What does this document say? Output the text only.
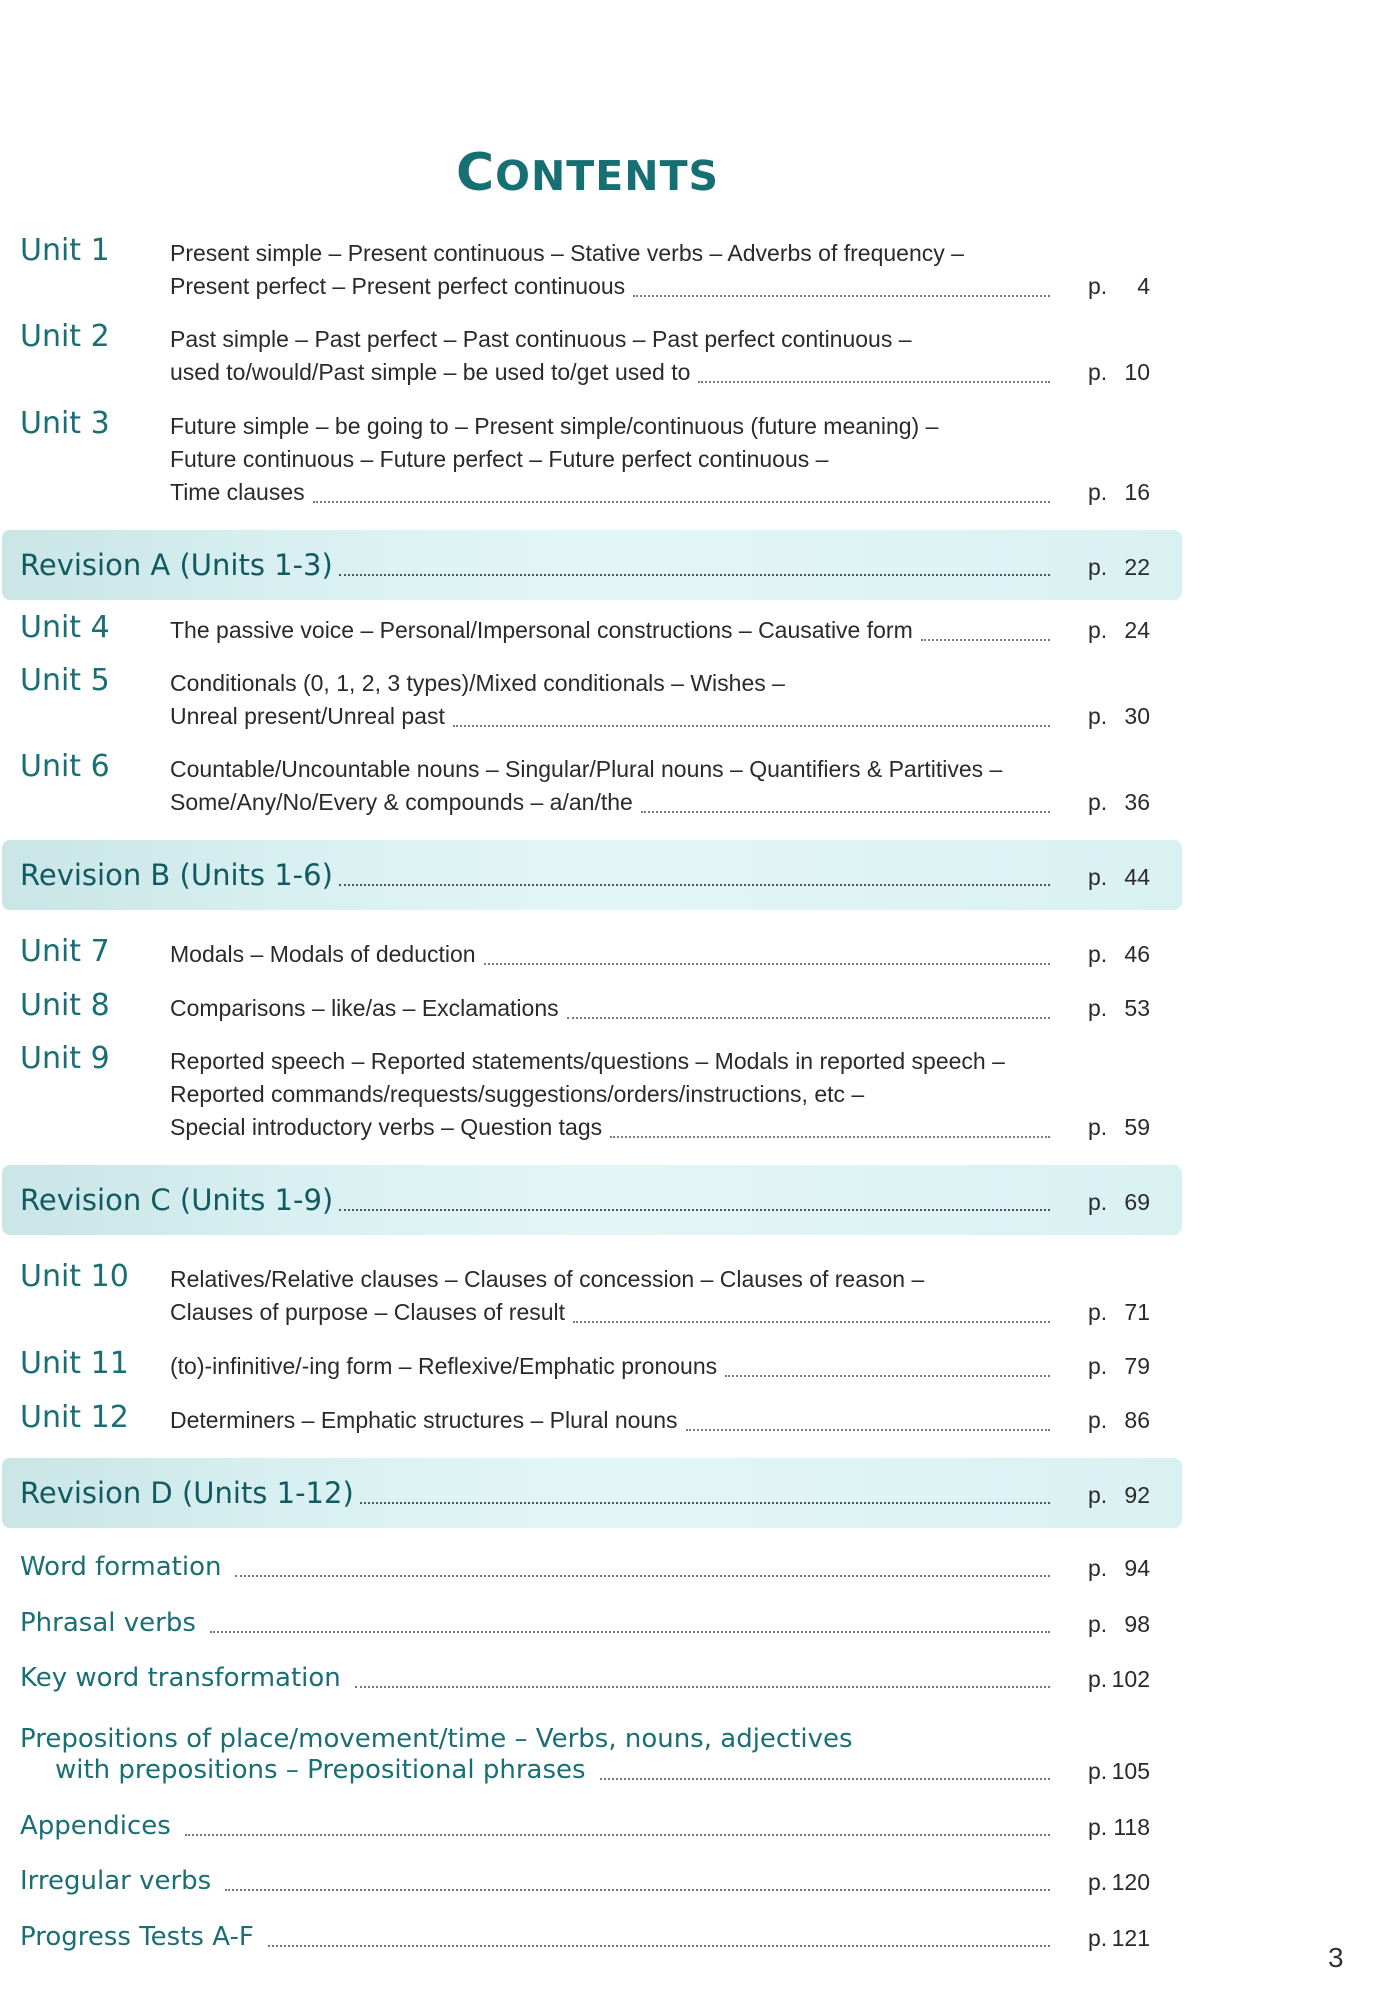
CONTENTS
Unit 1	Present simple – Present continuous – Stative verbs – Adverbs of frequency –
Present perfect – Present perfect continuous	p. 4
Unit 2	Past simple – Past perfect – Past continuous – Past perfect continuous –
used to/would/Past simple – be used to/get used to	p. 10
Unit 3	Future simple – be going to – Present simple/continuous (future meaning) –
Future continuous – Future perfect – Future perfect continuous –
Time clauses	p. 16
Revision A (Units 1-3)	p. 22
Unit 4	The passive voice – Personal/Impersonal constructions – Causative form	p. 24
Unit 5	Conditionals (0, 1, 2, 3 types)/Mixed conditionals – Wishes –
Unreal present/Unreal past	p. 30
Unit 6	Countable/Uncountable nouns – Singular/Plural nouns – Quantifiers & Partitives –
Some/Any/No/Every & compounds – a/an/the	p. 36
Revision B (Units 1-6)	p. 44
Unit 7	Modals – Modals of deduction	p. 46
Unit 8	Comparisons – like/as – Exclamations	p. 53
Unit 9	Reported speech – Reported statements/questions – Modals in reported speech –
Reported commands/requests/suggestions/orders/instructions, etc –
Special introductory verbs – Question tags	p. 59
Revision C (Units 1-9)	p. 69
Unit 10 Relatives/Relative clauses – Clauses of concession – Clauses of reason –
Clauses of purpose – Clauses of result	p. 71
Unit 11 (to)-infinitive/-ing form – Reflexive/Emphatic pronouns	p. 79
Unit 12 Determiners – Emphatic structures – Plural nouns	p. 86
Revision D (Units 1-12)	p. 92
Word formation	p. 94
Phrasal verbs	p. 98
Key word transformation	p. 102
Prepositions of place/movement/time – Verbs, nouns, adjectives
with prepositions – Prepositional phrases	p. 105
Appendices	p. 118
Irregular verbs	p. 120
Progress Tests A-F	p. 121
3
